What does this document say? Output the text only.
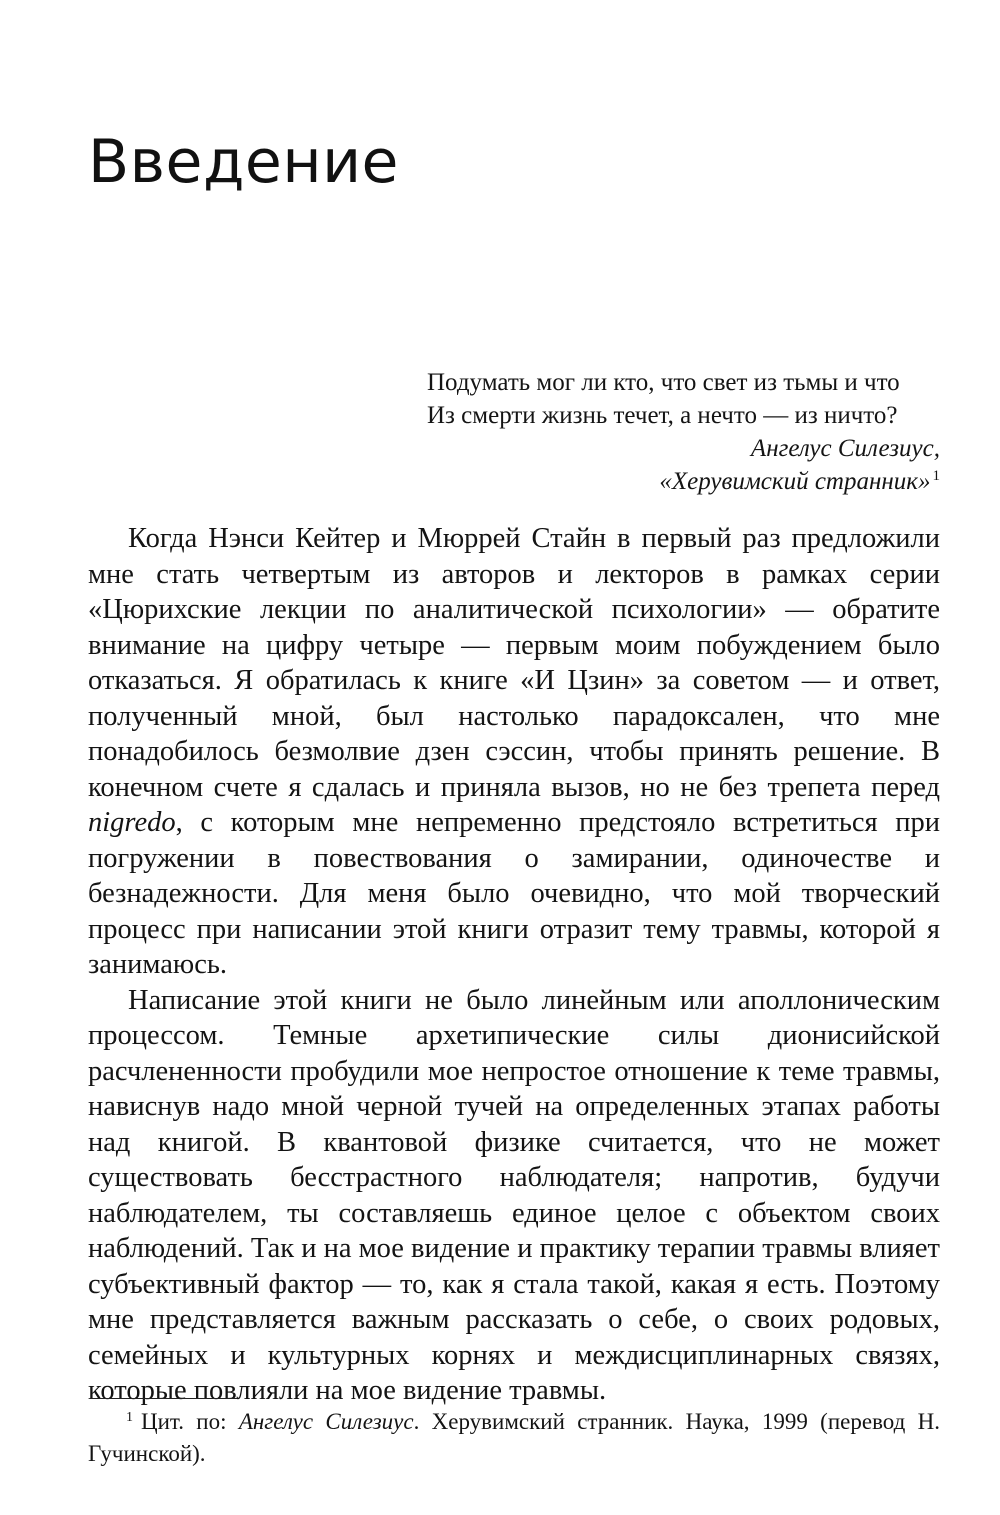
Введение
Подумать мог ли кто, что свет из тьмы и что
Из смерти жизнь течет, а нечто — из ничто?
Ангелус Силезиус,
«Херувимский странник» $^1$

Когда Нэнси Кейтер и Мюррей Стайн в первый раз предложили мне стать четвертым из авторов и лекторов в рамках серии «Цюрихские лекции по аналитической психологии» — обратите внимание на цифру четыре — первым моим побуждением было отказаться. Я обратилась к книге «И Цзин» за советом — и ответ, полученный мной, был настолько парадоксален, что мне понадобилось безмолвие дзен сэссин, чтобы принять решение. В конечном счете я сдалась и приняла вызов, но не без трепета перед nigredo, с которым мне непременно предстояло встретиться при погружении в повествования о замирании, одиночестве и безнадежности. Для меня было очевидно, что мой творческий процесс при написании этой книги отразит тему травмы, которой я занимаюсь.

Написание этой книги не было линейным или аполлоническим процессом. Темные архетипические силы дионисийской расчлененности пробудили мое непростое отношение к теме травмы, нависнув надо мной черной тучей на определенных этапах работы над книгой. В квантовой физике считается, что не может существовать бесстрастного наблюдателя; напротив, будучи наблюдателем, ты составляешь единое целое с объектом своих наблюдений. Так и на мое видение и практику терапии травмы влияет субъективный фактор — то, как я стала такой, какая я есть. Поэтому мне представляется важным рассказать о себе, о своих родовых, семейных и культурных корнях и междисциплинарных связях, которые повлияли на мое видение травмы.

$^1$ Цит. по: Ангелус Силезиус. Херувимский странник. Наука, 1999 (перевод Н. Гучинской).
